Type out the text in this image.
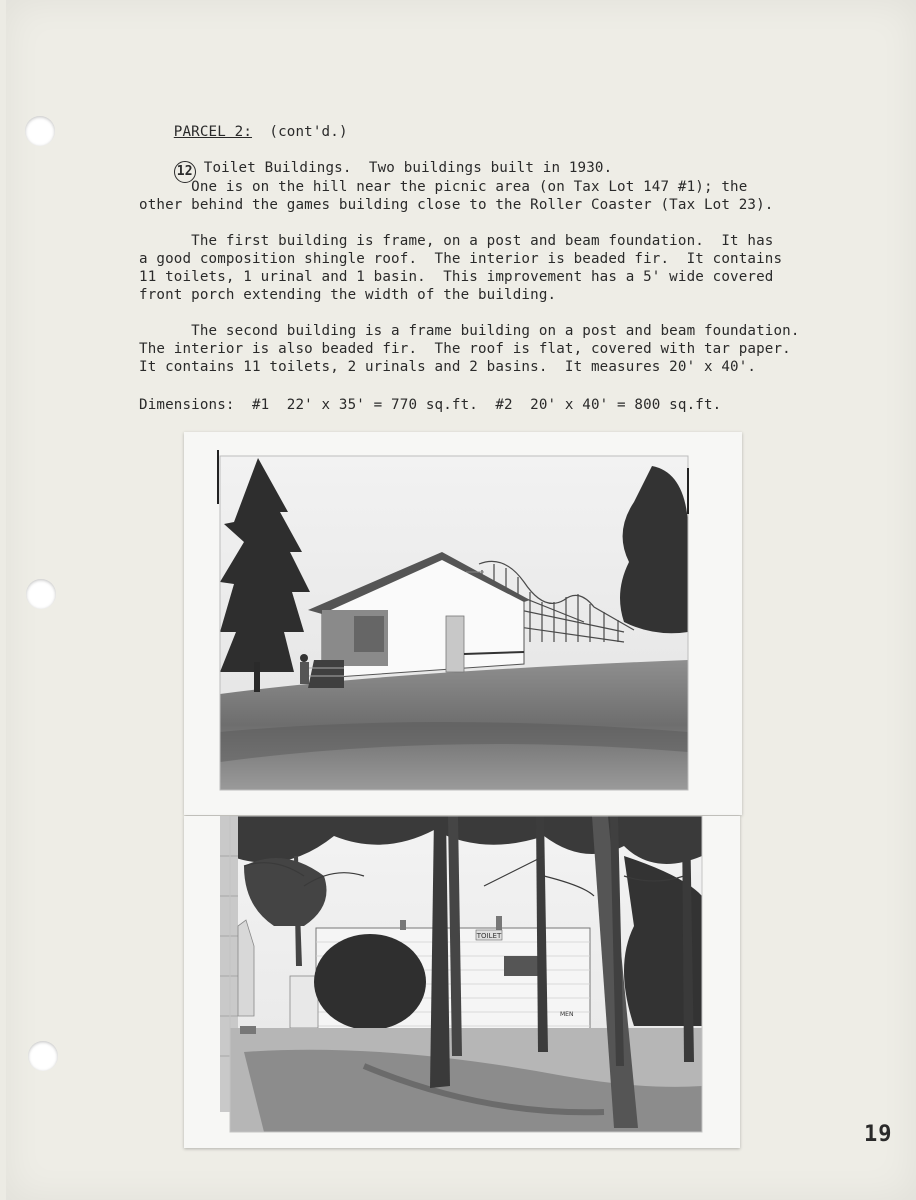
PARCEL 2: (cont'd.)

12 Toilet Buildings.  Two buildings built in 1930.

One is on the hill near the picnic area (on Tax Lot 147 #1); the
other behind the games building close to the Roller Coaster (Tax Lot 23).
The first building is frame, on a post and beam foundation.  It has
a good composition shingle roof.  The interior is beaded fir.  It contains
11 toilets, 1 urinal and 1 basin.  This improvement has a 5' wide covered
front porch extending the width of the building.
The second building is a frame building on a post and beam foundation.
The interior is also beaded fir.  The roof is flat, covered with tar paper.
It contains 11 toilets, 2 urinals and 2 basins.  It measures 20' x 40'.
Dimensions:  #1  22' x 35' = 770 sq.ft.  #2  20' x 40' = 800 sq.ft.
TOILET
MEN
19
